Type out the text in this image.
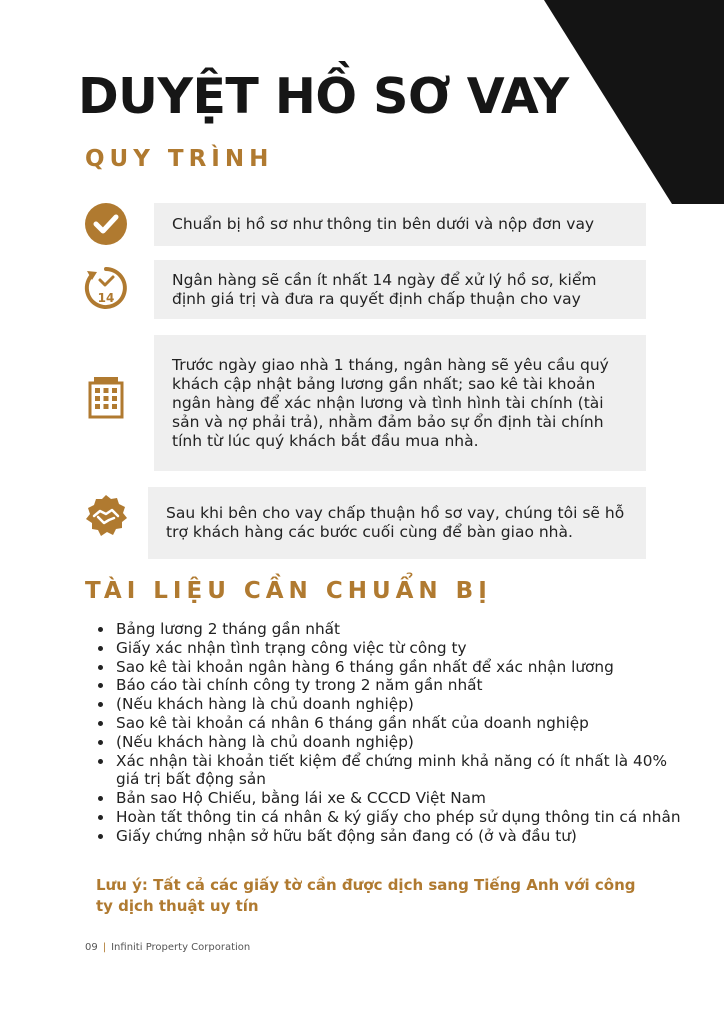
DUYỆT HỒ SƠ VAY
QUY TRÌNH
Chuẩn bị hồ sơ như thông tin bên dưới và nộp đơn vay
14
Ngân hàng sẽ cần ít nhất 14 ngày để xử lý hồ sơ, kiểm định giá trị và đưa ra quyết định chấp thuận cho vay
Trước ngày giao nhà 1 tháng, ngân hàng sẽ yêu cầu quý khách cập nhật bảng lương gần nhất; sao kê tài khoản ngân hàng để xác nhận lương và tình hình tài chính (tài sản và nợ phải trả), nhằm đảm bảo sự ổn định tài chính tính từ lúc quý khách bắt đầu mua nhà.
Sau khi bên cho vay chấp thuận hồ sơ vay, chúng tôi sẽ hỗ trợ khách hàng các bước cuối cùng để bàn giao nhà.
TÀI LIỆU CẦN CHUẨN BỊ
• Bảng lương 2 tháng gần nhất
• Giấy xác nhận tình trạng công việc từ công ty
• Sao kê tài khoản ngân hàng 6 tháng gần nhất để xác nhận lương
• Báo cáo tài chính công ty trong 2 năm gần nhất
• (Nếu khách hàng là chủ doanh nghiệp)
• Sao kê tài khoản cá nhân 6 tháng gần nhất của doanh nghiệp
• (Nếu khách hàng là chủ doanh nghiệp)
• Xác nhận tài khoản tiết kiệm để chứng minh khả năng có ít nhất là 40% giá trị bất động sản
• Bản sao Hộ Chiếu, bằng lái xe & CCCD Việt Nam
• Hoàn tất thông tin cá nhân & ký giấy cho phép sử dụng thông tin cá nhân
• Giấy chứng nhận sở hữu bất động sản đang có (ở và đầu tư)

Lưu ý: Tất cả các giấy tờ cần được dịch sang Tiếng Anh với công ty dịch thuật uy tín

09 | Infiniti Property Corporation
